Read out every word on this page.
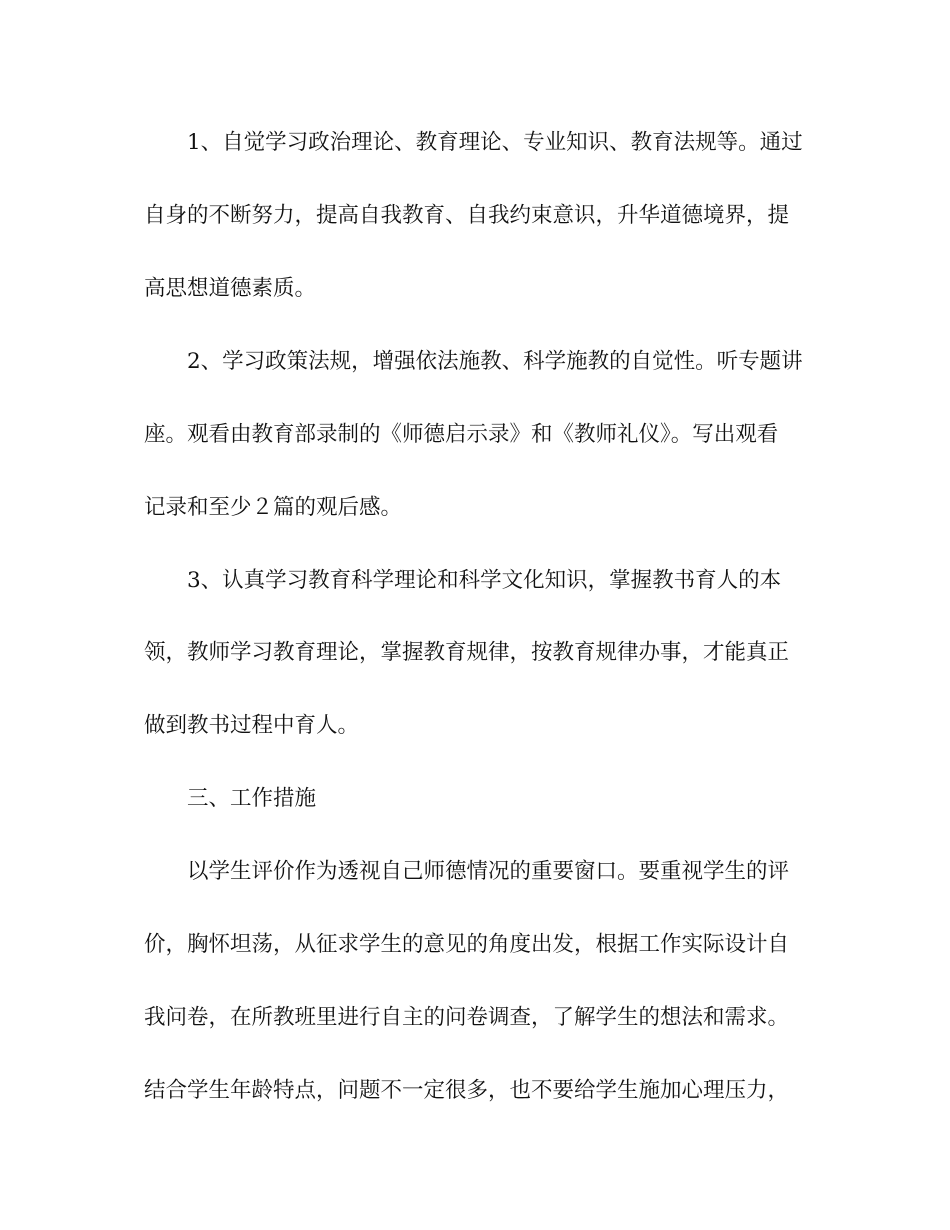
1、自觉学习政治理论、教育理论、专业知识、教育法规等。通过

自身的不断努力，提高自我教育、自我约束意识，升华道德境界，提

高思想道德素质。

2、学习政策法规，增强依法施教、科学施教的自觉性。听专题讲

座。观看由教育部录制的《师德启示录》和《教师礼仪》。写出观看

记录和至少２篇的观后感。

3、认真学习教育科学理论和科学文化知识，掌握教书育人的本

领，教师学习教育理论，掌握教育规律，按教育规律办事，才能真正

做到教书过程中育人。

三、工作措施

以学生评价作为透视自己师德情况的重要窗口。要重视学生的评

价，胸怀坦荡，从征求学生的意见的角度出发，根据工作实际设计自

我问卷，在所教班里进行自主的问卷调查，了解学生的想法和需求。

结合学生年龄特点，问题不一定很多，也不要给学生施加心理压力，
